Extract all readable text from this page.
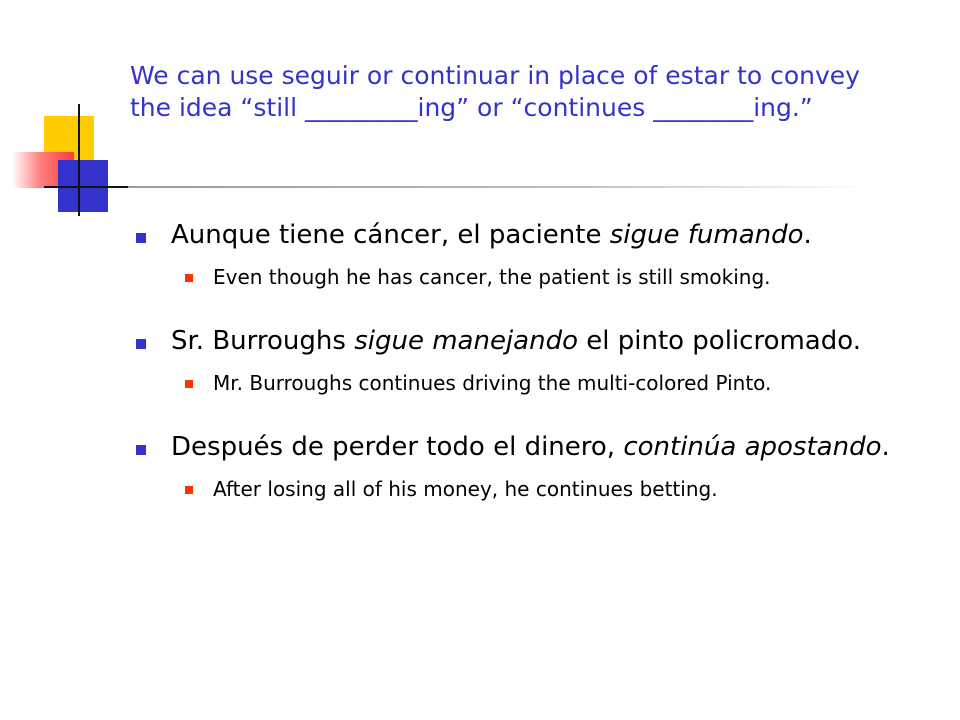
We can use seguir or continuar in place of estar to convey the idea “still _________ing” or “continues ________ing.”
Aunque tiene cáncer, el paciente sigue fumando.
Even though he has cancer, the patient is still smoking.
Sr. Burroughs sigue manejando el pinto policromado.
Mr. Burroughs continues driving the multi-colored Pinto.
Después de perder todo el dinero, continúa apostando.
After losing all of his money, he continues betting.
